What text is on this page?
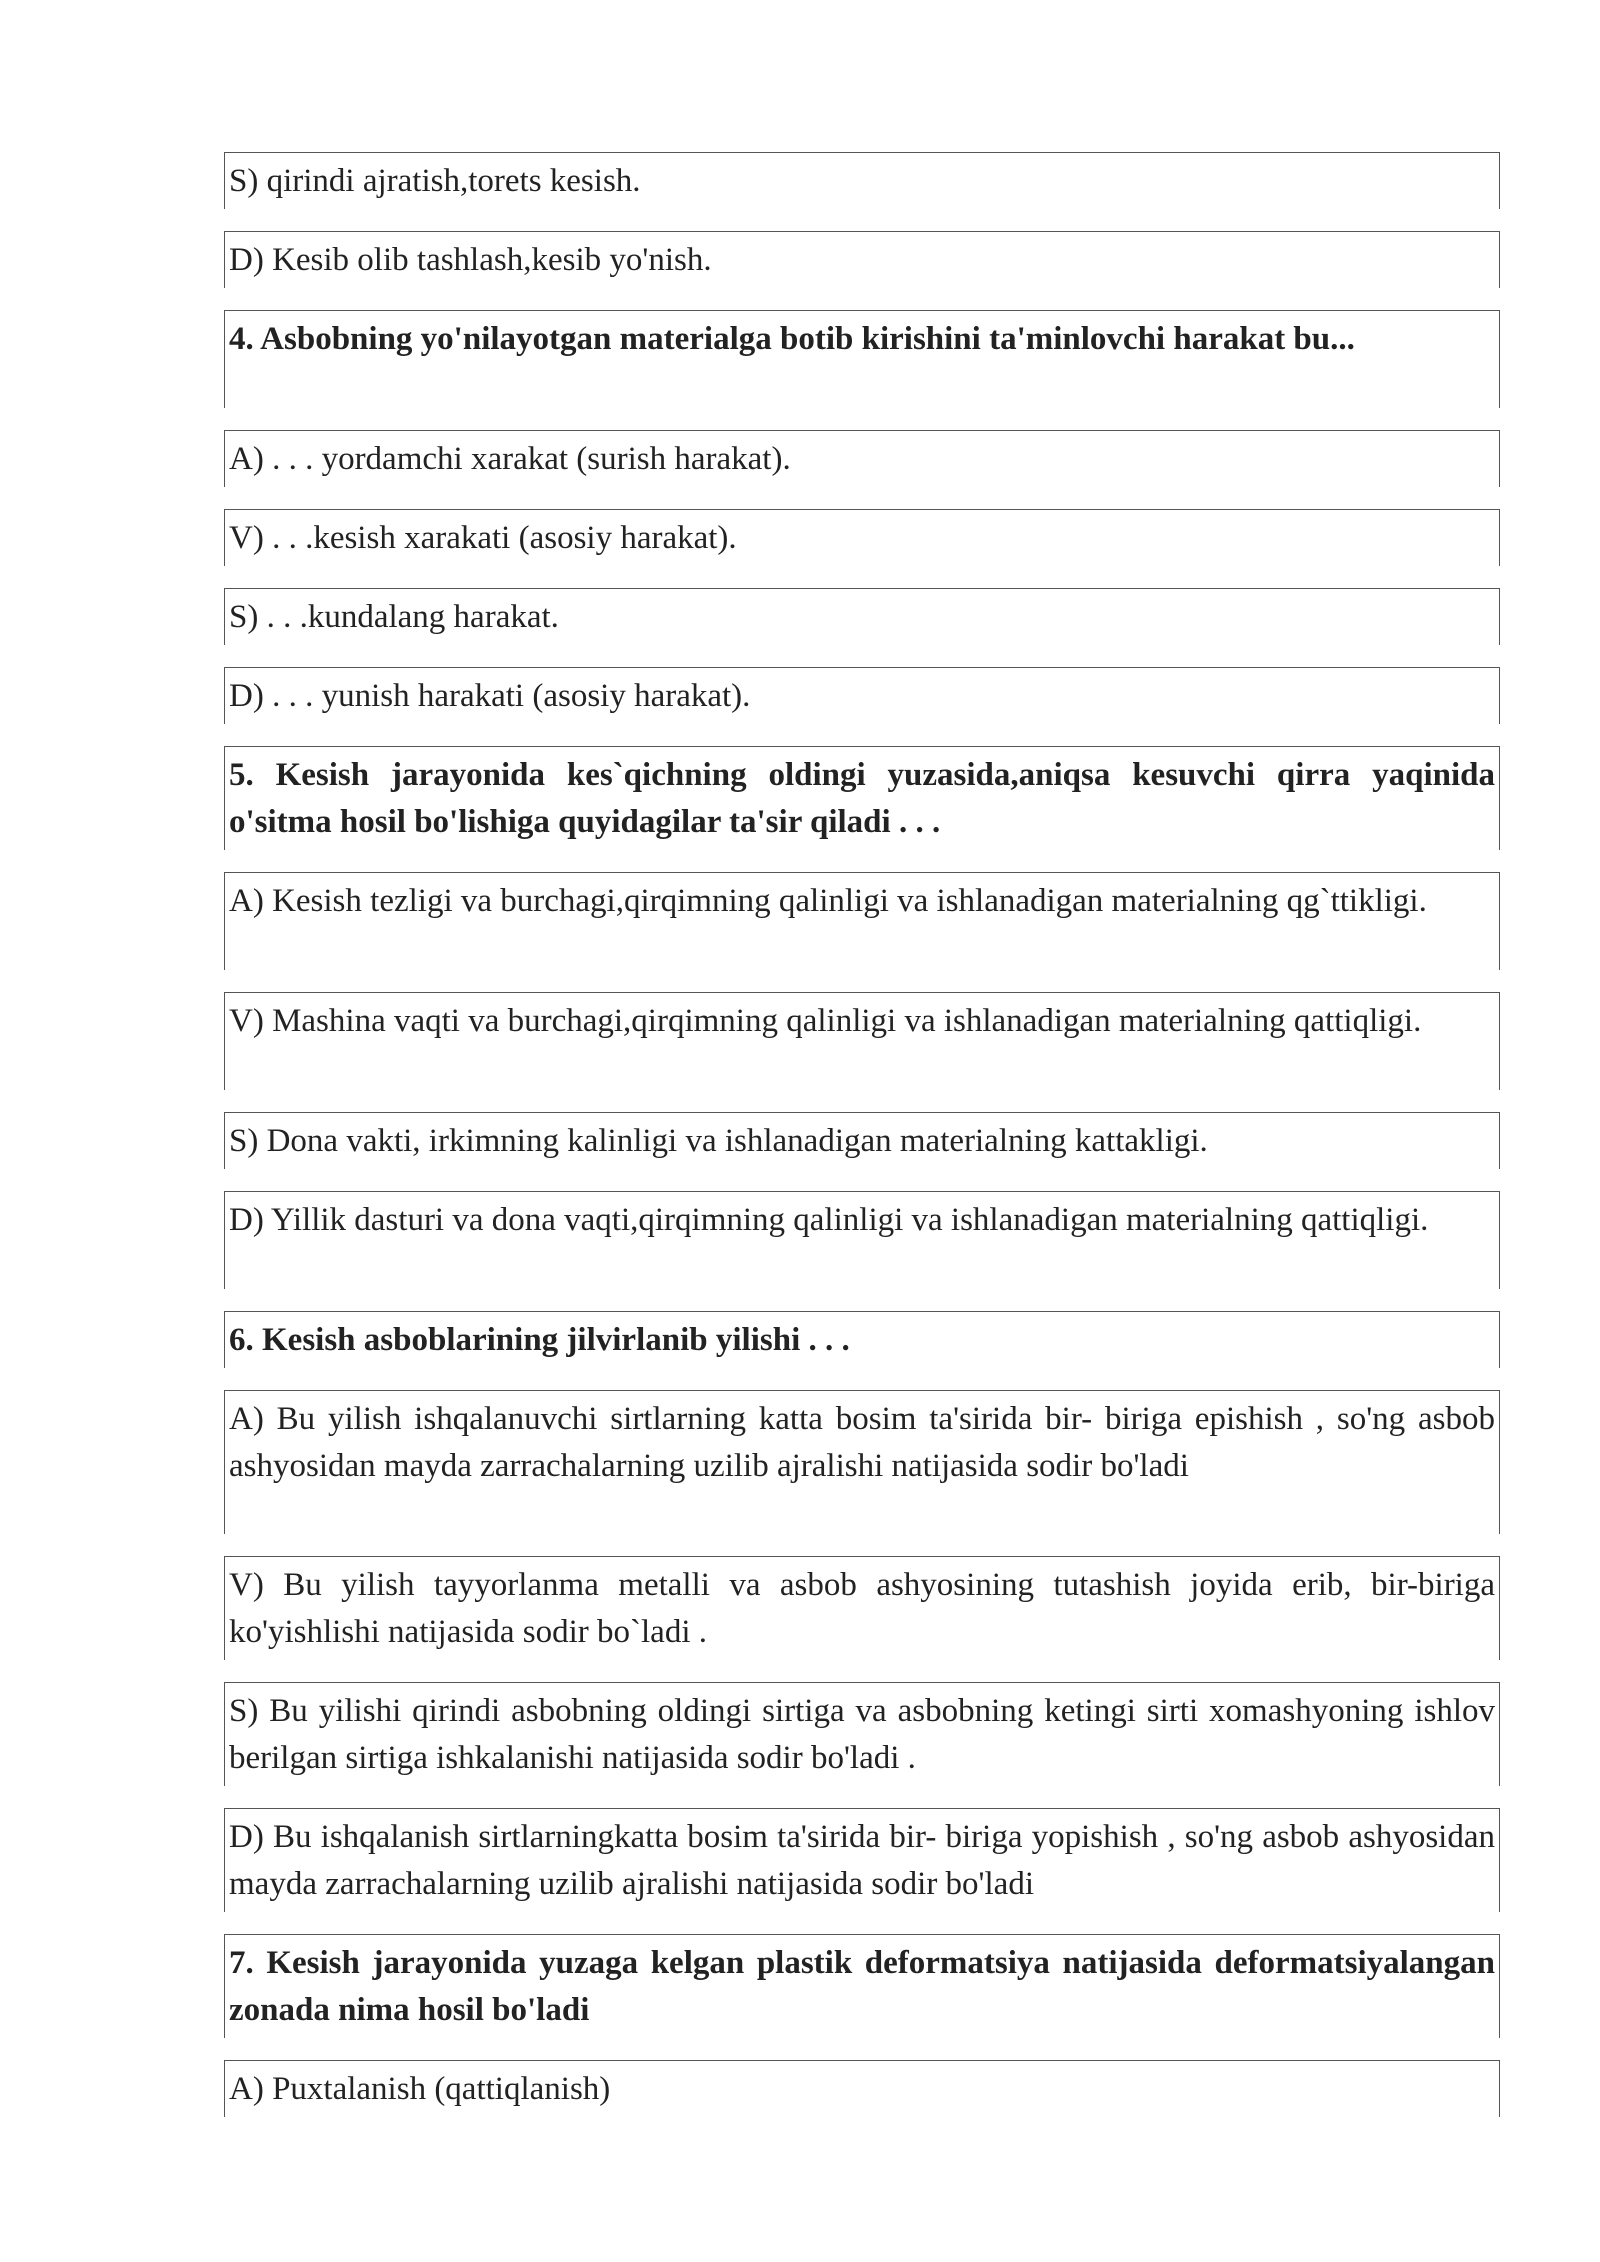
S) qirindi ajratish,torets kesish.
D) Kesib olib tashlash,kesib yo'nish.
4. Asbobning yo'nilayotgan materialga botib kirishini ta'minlovchi harakat bu...
A) . . . yordamchi xarakat (surish harakat).
V) . . .kesish xarakati (asosiy harakat).
S) . . .kundalang harakat.
D) . . . yunish harakati (asosiy harakat).
5. Kesish jarayonida kes`qichning oldingi yuzasida,aniqsa kesuvchi qirra yaqinida o'sitma hosil bo'lishiga quyidagilar ta'sir qiladi . . .
A) Kesish tezligi va burchagi,qirqimning qalinligi va ishlanadigan materialning qg`ttikligi.
V) Mashina vaqti va burchagi,qirqimning qalinligi va ishlanadigan materialning qattiqligi.
S) Dona vakti, irkimning kalinligi va ishlanadigan materialning kattakligi.
D) Yillik dasturi va dona vaqti,qirqimning qalinligi va ishlanadigan materialning qattiqligi.
6. Kesish asboblarining jilvirlanib yilishi . . .
A) Bu yilish ishqalanuvchi sirtlarning katta bosim ta'sirida bir- biriga epishish , so'ng asbob ashyosidan mayda zarrachalarning uzilib ajralishi natijasida sodir bo'ladi
V) Bu yilish tayyorlanma metalli va asbob ashyosining tutashish joyida erib, bir-biriga ko'yishlishi natijasida sodir bo`ladi .
S) Bu yilishi qirindi asbobning oldingi sirtiga va asbobning ketingi sirti xomashyoning ishlov berilgan sirtiga ishkalanishi natijasida sodir bo'ladi .
D) Bu ishqalanish sirtlarningkatta bosim ta'sirida bir- biriga yopishish , so'ng asbob ashyosidan mayda zarrachalarning uzilib ajralishi natijasida sodir bo'ladi
7. Kesish jarayonida yuzaga kelgan plastik deformatsiya natijasida deformatsiyalangan zonada nima hosil bo'ladi
A) Puxtalanish (qattiqlanish)
